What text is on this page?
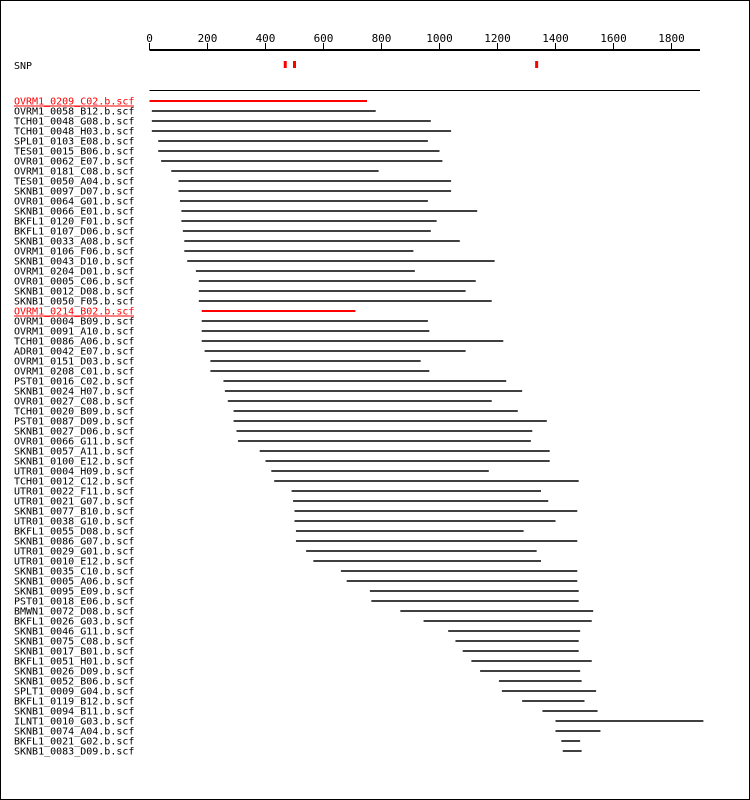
0	200	400	600	800	1000	1200	1400	1600	1800
SNP
OVRM1_0209_C02.b.scf
OVRM1_0058_B12.b.scf
TCH01_0048_G08.b.scf
TCH01_0048_H03.b.scf
SPL01_0103_E08.b.scf
TES01_0015_B06.b.scf
OVR01_0062_E07.b.scf
OVRM1_0181_C08.b.scf
TES01_0050_A04.b.scf
SKNB1_0097_D07.b.scf
OVR01_0064_G01.b.scf
SKNB1_0066_E01.b.scf
BKFL1_0120_F01.b.scf
BKFL1_0107_D06.b.scf
SKNB1_0033_A08.b.scf
OVRM1_0106_F06.b.scf
SKNB1_0043_D10.b.scf
OVRM1_0204_D01.b.scf
OVR01_0005_C06.b.scf
SKNB1_0012_D08.b.scf
SKNB1_0050_F05.b.scf
OVRM1_0214_B02.b.scf
OVRM1_0004_B09.b.scf
OVRM1_0091_A10.b.scf
TCH01_0086_A06.b.scf
ADR01_0042_E07.b.scf
OVRM1_0151_D03.b.scf
OVRM1_0208_C01.b.scf
PST01_0016_C02.b.scf
SKNB1_0024_H07.b.scf
OVR01_0027_C08.b.scf
TCH01_0020_B09.b.scf
PST01_0087_D09.b.scf
SKNB1_0027_D06.b.scf
OVR01_0066_G11.b.scf
SKNB1_0057_A11.b.scf
SKNB1_0100_E12.b.scf
UTR01_0004_H09.b.scf
TCH01_0012_C12.b.scf
UTR01_0022_F11.b.scf
UTR01_0021_G07.b.scf
SKNB1_0077_B10.b.scf
UTR01_0038_G10.b.scf
BKFL1_0055_D08.b.scf
SKNB1_0086_G07.b.scf
UTR01_0029_G01.b.scf
UTR01_0010_E12.b.scf
SKNB1_0035_C10.b.scf
SKNB1_0005_A06.b.scf
SKNB1_0095_E09.b.scf
PST01_0018_E06.b.scf
BMWN1_0072_D08.b.scf
BKFL1_0026_G03.b.scf
SKNB1_0046_G11.b.scf
SKNB1_0075_C08.b.scf
SKNB1_0017_B01.b.scf
BKFL1_0051_H01.b.scf
SKNB1_0026_D09.b.scf
SKNB1_0052_B06.b.scf
SPLT1_0009_G04.b.scf
BKFL1_0119_B12.b.scf
SKNB1_0094_B11.b.scf
ILNT1_0010_G03.b.scf
SKNB1_0074_A04.b.scf
BKFL1_0021_G02.b.scf
SKNB1_0083_D09.b.scf
